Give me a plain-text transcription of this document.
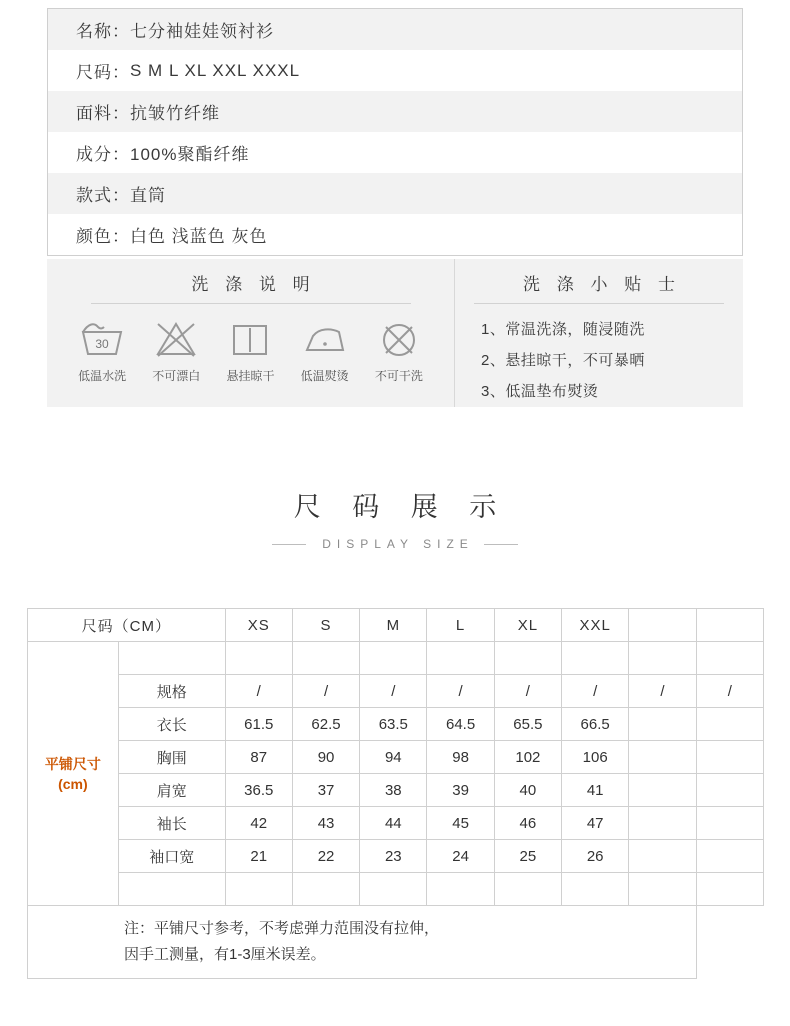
名称： 七分袖娃娃领衬衫
尺码： S M L XL XXL XXXL
面料： 抗皱竹纤维
成分： 100%聚酯纤维
款式： 直筒
颜色： 白色 浅蓝色 灰色
洗 涤 说 明
30
低温水洗	不可漂白	悬挂晾干	低温熨烫	不可干洗
洗 涤 小 贴 士
1、常温洗涤，随浸随洗
2、悬挂晾干，不可暴晒
3、低温垫布熨烫
尺 码 展 示
DISPLAY SIZE
尺码（CM）		XS	S	M	L	XL	XXL		

平铺尺寸
(cm)									

	规格	/	/	/	/	/	/	/	/
	衣长	61.5	62.5	63.5	64.5	65.5	66.5		
	胸围	87	90	94	98	102	106		
	肩宽	36.5	37	38	39	40	41		
	袖长	42	43	44	45	46	47		
	袖口宽	21	22	23	24	25	26		

注：平铺尺寸参考，不考虑弹力范围没有拉伸，
因手工测量，有1-3厘米误差。									
